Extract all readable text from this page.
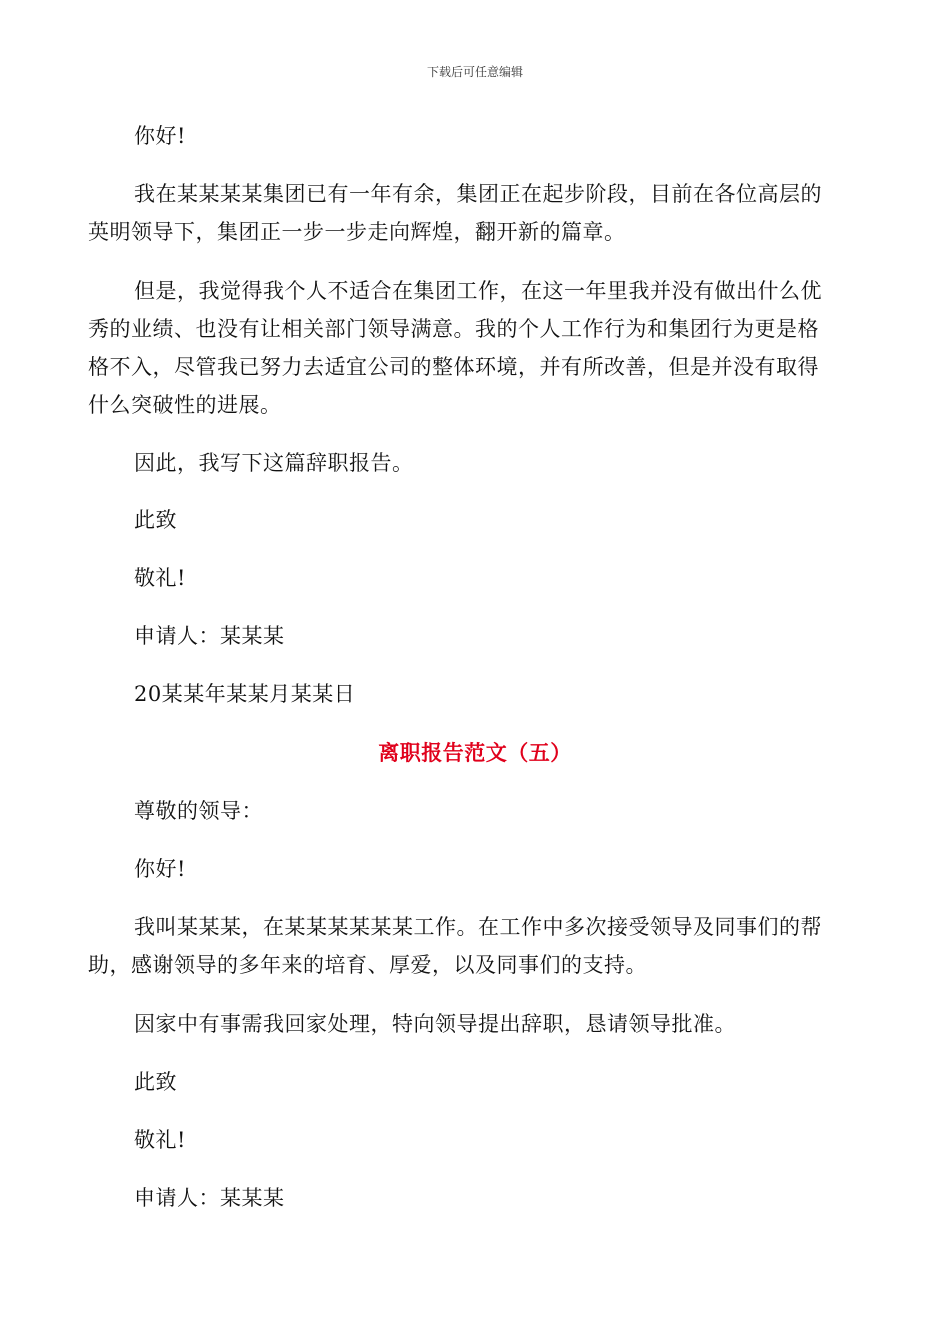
下载后可任意编辑

你好!

我在某某某某集团已有一年有余，集团正在起步阶段，目前在各位高层的

英明领导下，集团正一步一步走向辉煌，翻开新的篇章。

但是，我觉得我个人不适合在集团工作，在这一年里我并没有做出什么优

秀的业绩、也没有让相关部门领导满意。我的个人工作行为和集团行为更是格

格不入，尽管我已努力去适宜公司的整体环境，并有所改善，但是并没有取得

什么突破性的进展。

因此，我写下这篇辞职报告。

此致

敬礼!

申请人：某某某

20某某年某某月某某日

离职报告范文（五）

尊敬的领导：

你好!

我叫某某某，在某某某某某某工作。在工作中多次接受领导及同事们的帮

助，感谢领导的多年来的培育、厚爱，以及同事们的支持。

因家中有事需我回家处理，特向领导提出辞职，恳请领导批准。

此致

敬礼!

申请人：某某某
